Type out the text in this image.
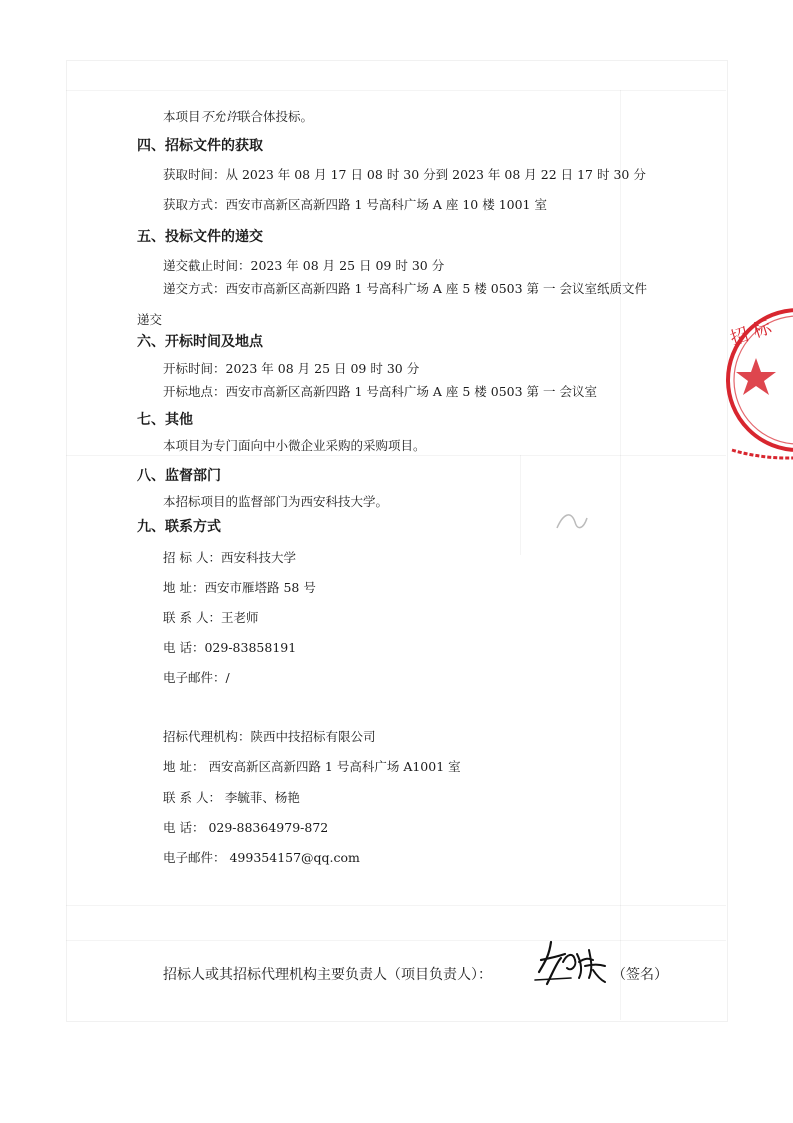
本项目不允许联合体投标。
四、招标文件的获取
获取时间：从 2023 年 08 月 17 日 08 时 30 分到 2023 年 08 月 22 日 17 时 30 分
获取方式：西安市高新区高新四路 1 号高科广场 A 座 10 楼 1001 室
五、投标文件的递交
递交截止时间：2023 年 08 月 25 日 09 时 30 分
递交方式：西安市高新区高新四路 1 号高科广场 A 座 5 楼 0503 第 一 会议室纸质文件
递交
六、开标时间及地点
开标时间：2023 年 08 月 25 日 09 时 30 分
开标地点：西安市高新区高新四路 1 号高科广场 A 座 5 楼 0503 第 一 会议室
七、其他
本项目为专门面向中小微企业采购的采购项目。
八、监督部门
本招标项目的监督部门为西安科技大学。
九、联系方式
招 标 人：西安科技大学
地 址：西安市雁塔路 58 号
联 系 人：王老师
电 话：029-83858191
电子邮件：/
招标代理机构：陕西中技招标有限公司
地 址： 西安高新区高新四路 1 号高科广场 A1001 室
联 系 人： 李毓菲、杨艳
电 话： 029-88364979-872
电子邮件： 499354157@qq.com
招标人或其招标代理机构主要负责人（项目负责人）：	（签名）
招 标
